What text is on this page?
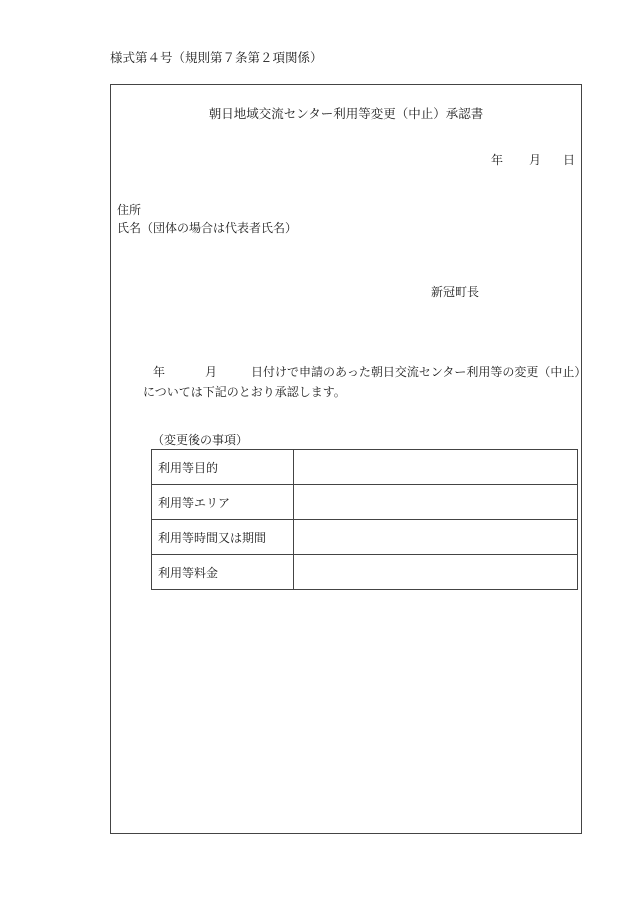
様式第４号（規則第７条第２項関係）
朝日地域交流センター利用等変更（中止）承認書
年 月 日
住所
氏名（団体の場合は代表者氏名）
新冠町長
年	月	日付けで申請のあった朝日交流センター利用等の変更（中止）
については下記のとおり承認します。
（変更後の事項）
利用等目的	
利用等エリア	
利用等時間又は期間	
利用等料金	
